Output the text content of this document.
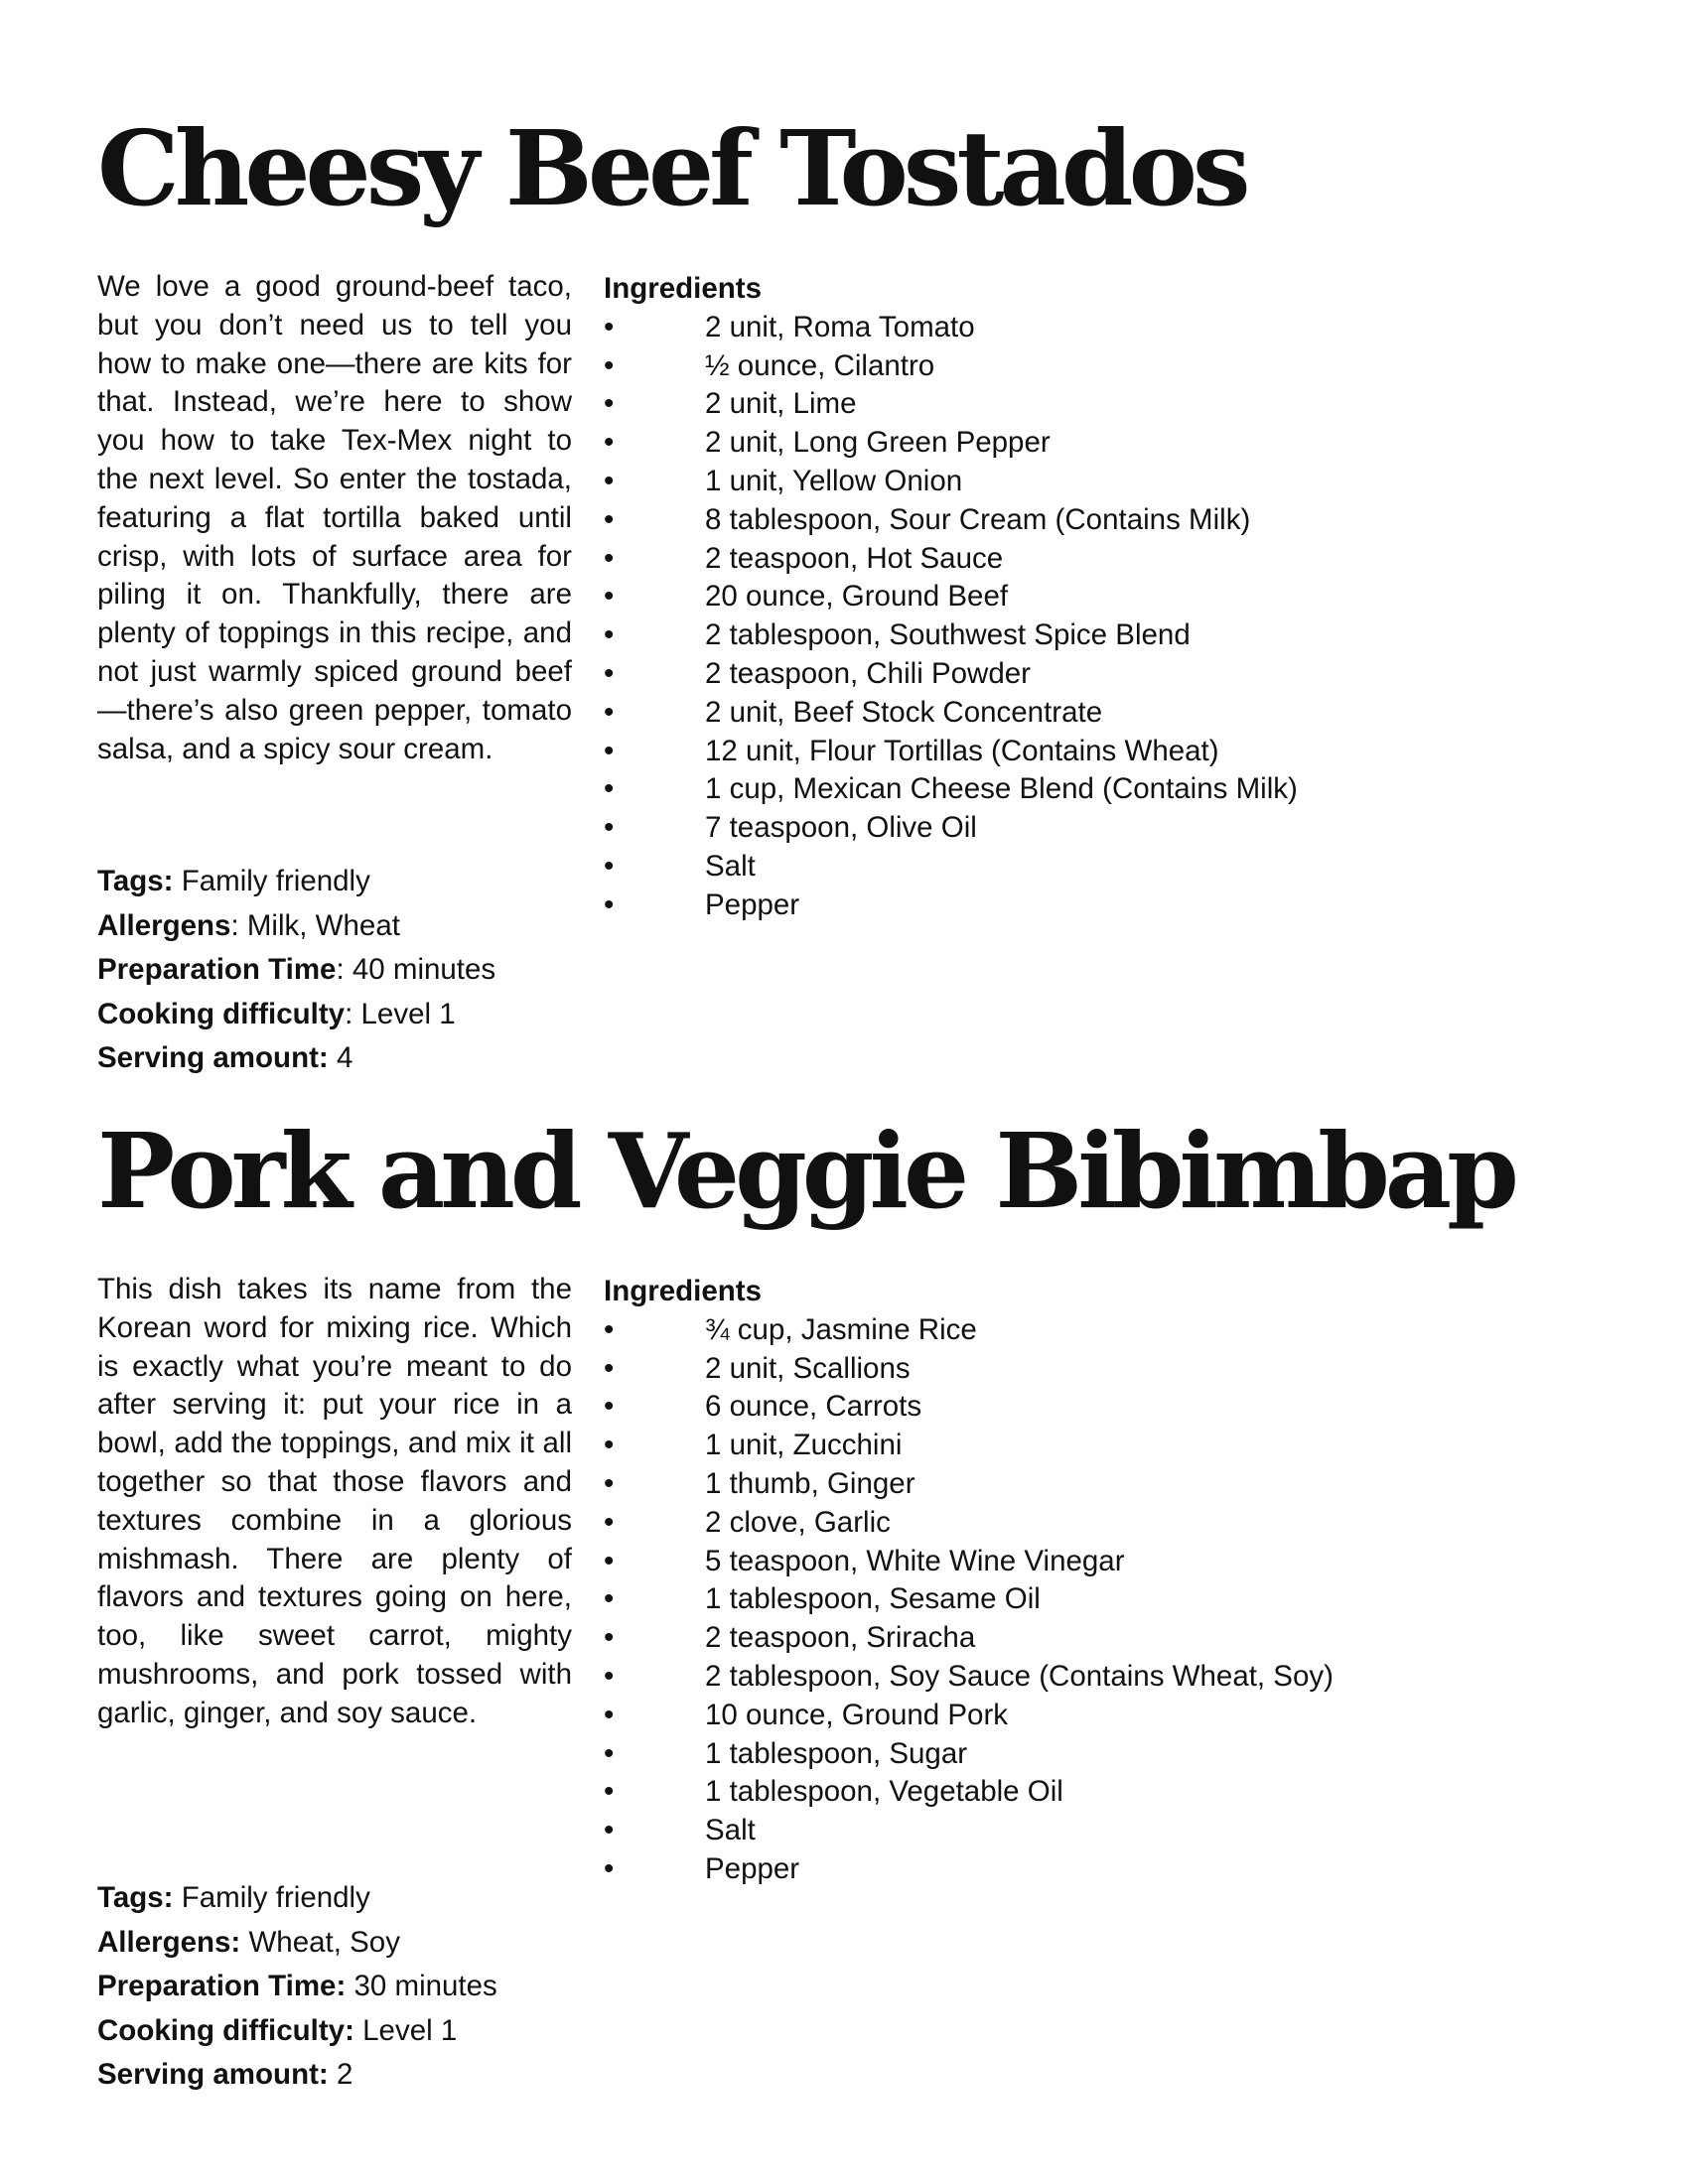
Cheesy Beef Tostados

We love a good ground-beef taco, but you don’t need us to tell you how to make one—there are kits for that. Instead, we’re here to show you how to take Tex-Mex night to the next level. So enter the tostada, featuring a flat tortilla baked until crisp, with lots of surface area for piling it on. Thankfully, there are plenty of toppings in this recipe, and not just warmly spiced ground beef—there’s also green pepper, tomato salsa, and a spicy sour cream.

Tags: Family friendly
Allergens: Milk, Wheat
Preparation Time: 40 minutes
Cooking difficulty: Level 1
Serving amount: 4
Ingredients
•	2 unit, Roma Tomato
•	½ ounce, Cilantro
•	2 unit, Lime
•	2 unit, Long Green Pepper
•	1 unit, Yellow Onion
•	8 tablespoon, Sour Cream (Contains Milk)
•	2 teaspoon, Hot Sauce
•	20 ounce, Ground Beef
•	2 tablespoon, Southwest Spice Blend
•	2 teaspoon, Chili Powder
•	2 unit, Beef Stock Concentrate
•	12 unit, Flour Tortillas (Contains Wheat)
•	1 cup, Mexican Cheese Blend (Contains Milk)
•	7 teaspoon, Olive Oil
•	Salt
•	Pepper
Pork and Veggie Bibimbap

This dish takes its name from the Korean word for mixing rice. Which is exactly what you’re meant to do after serving it: put your rice in a bowl, add the toppings, and mix it all together so that those flavors and textures combine in a glorious mishmash. There are plenty of flavors and textures going on here, too, like sweet carrot, mighty mushrooms, and pork tossed with garlic, ginger, and soy sauce.

Tags: Family friendly
Allergens: Wheat, Soy
Preparation Time: 30 minutes
Cooking difficulty: Level 1
Serving amount: 2
Ingredients
•	¾ cup, Jasmine Rice
•	2 unit, Scallions
•	6 ounce, Carrots
•	1 unit, Zucchini
•	1 thumb, Ginger
•	2 clove, Garlic
•	5 teaspoon, White Wine Vinegar
•	1 tablespoon, Sesame Oil
•	2 teaspoon, Sriracha
•	2 tablespoon, Soy Sauce (Contains Wheat, Soy)
•	10 ounce, Ground Pork
•	1 tablespoon, Sugar
•	1 tablespoon, Vegetable Oil
•	Salt
•	Pepper
